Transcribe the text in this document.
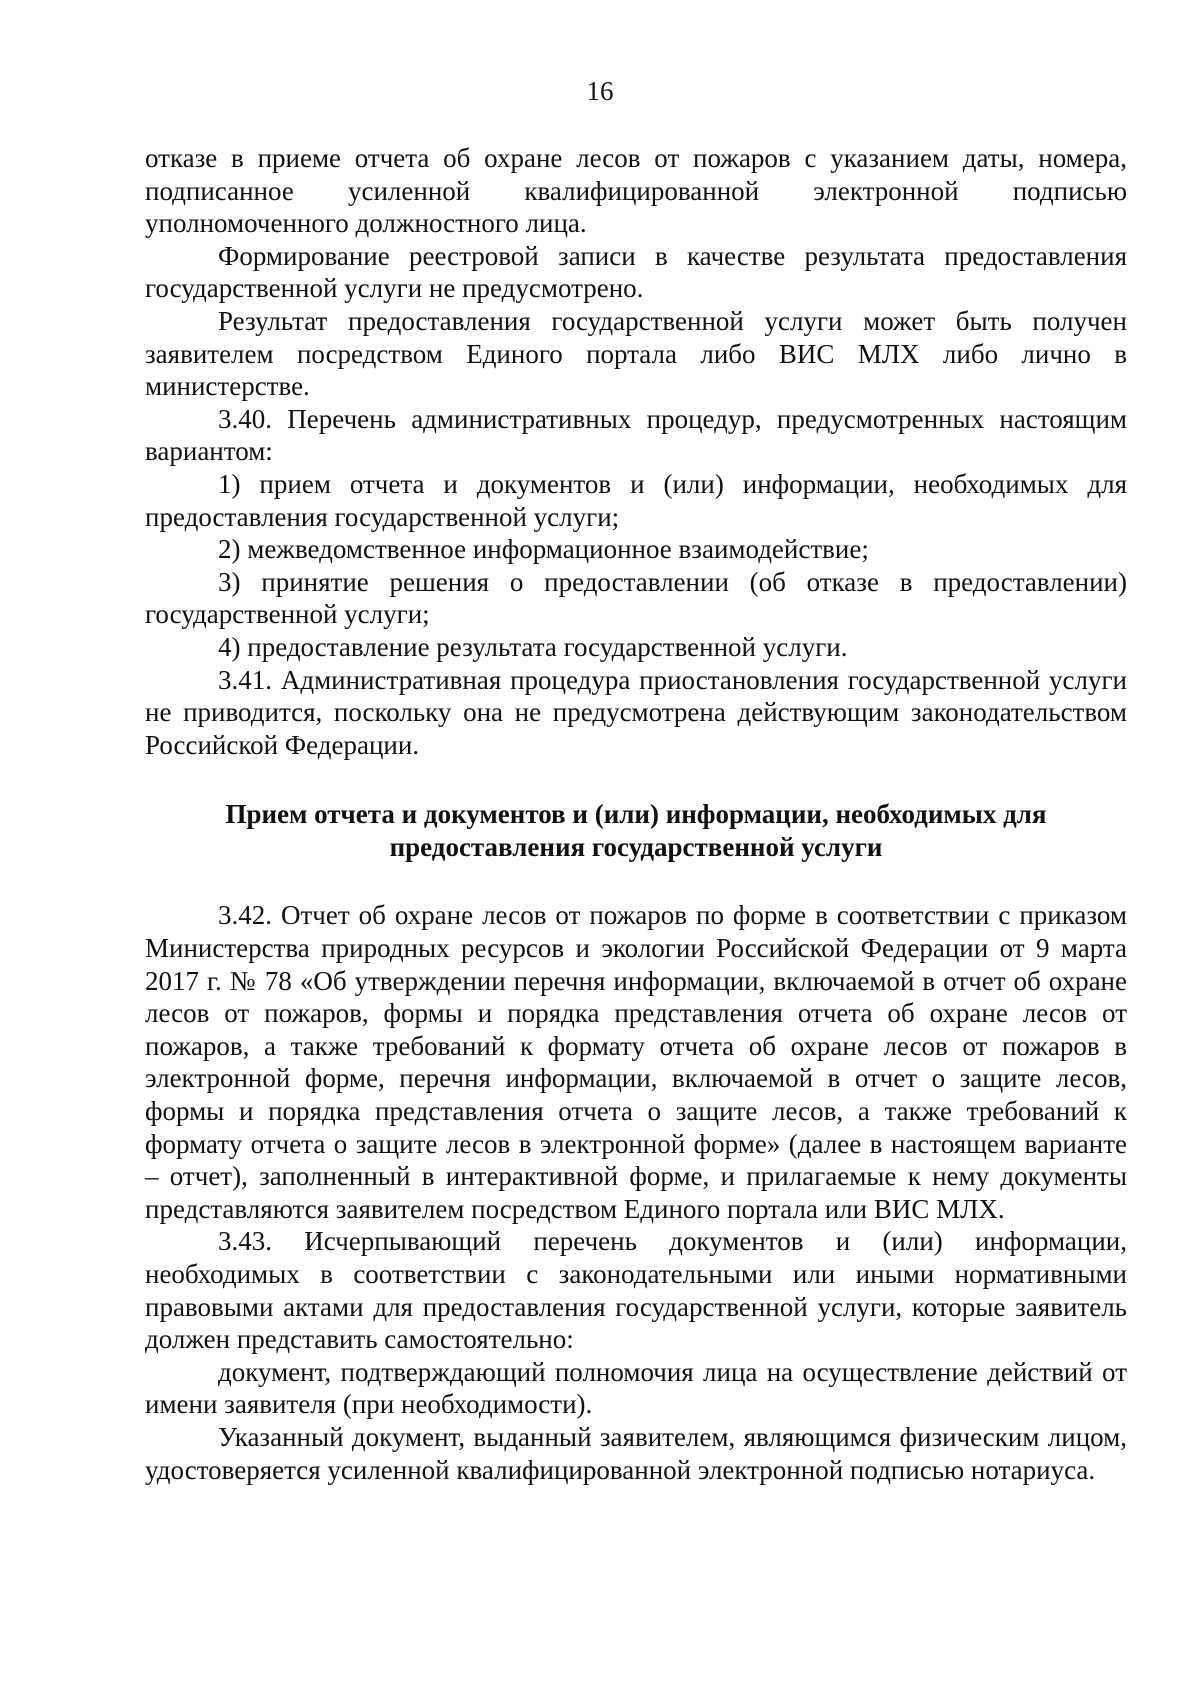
16

отказе в приеме отчета об охране лесов от пожаров с указанием даты, номера, подписанное усиленной квалифицированной электронной подписью уполномоченного должностного лица.

Формирование реестровой записи в качестве результата предоставления государственной услуги не предусмотрено.

Результат предоставления государственной услуги может быть получен заявителем посредством Единого портала либо ВИС МЛХ либо лично в министерстве.

3.40. Перечень административных процедур, предусмотренных настоящим вариантом:

1) прием отчета и документов и (или) информации, необходимых для предоставления государственной услуги;

2) межведомственное информационное взаимодействие;

3) принятие решения о предоставлении (об отказе в предоставлении) государственной услуги;

4) предоставление результата государственной услуги.

3.41. Административная процедура приостановления государственной услуги не приводится, поскольку она не предусмотрена действующим законодательством Российской Федерации.

Прием отчета и документов и (или) информации, необходимых для предоставления государственной услуги

3.42. Отчет об охране лесов от пожаров по форме в соответствии с приказом Министерства природных ресурсов и экологии Российской Федерации от 9 марта 2017 г. № 78 «Об утверждении перечня информации, включаемой в отчет об охране лесов от пожаров, формы и порядка представления отчета об охране лесов от пожаров, а также требований к формату отчета об охране лесов от пожаров в электронной форме, перечня информации, включаемой в отчет о защите лесов, формы и порядка представления отчета о защите лесов, а также требований к формату отчета о защите лесов в электронной форме» (далее в настоящем варианте – отчет), заполненный в интерактивной форме, и прилагаемые к нему документы представляются заявителем посредством Единого портала или ВИС МЛХ.

3.43. Исчерпывающий перечень документов и (или) информации, необходимых в соответствии с законодательными или иными нормативными правовыми актами для предоставления государственной услуги, которые заявитель должен представить самостоятельно:

документ, подтверждающий полномочия лица на осуществление действий от имени заявителя (при необходимости).

Указанный документ, выданный заявителем, являющимся физическим лицом, удостоверяется усиленной квалифицированной электронной подписью нотариуса.
